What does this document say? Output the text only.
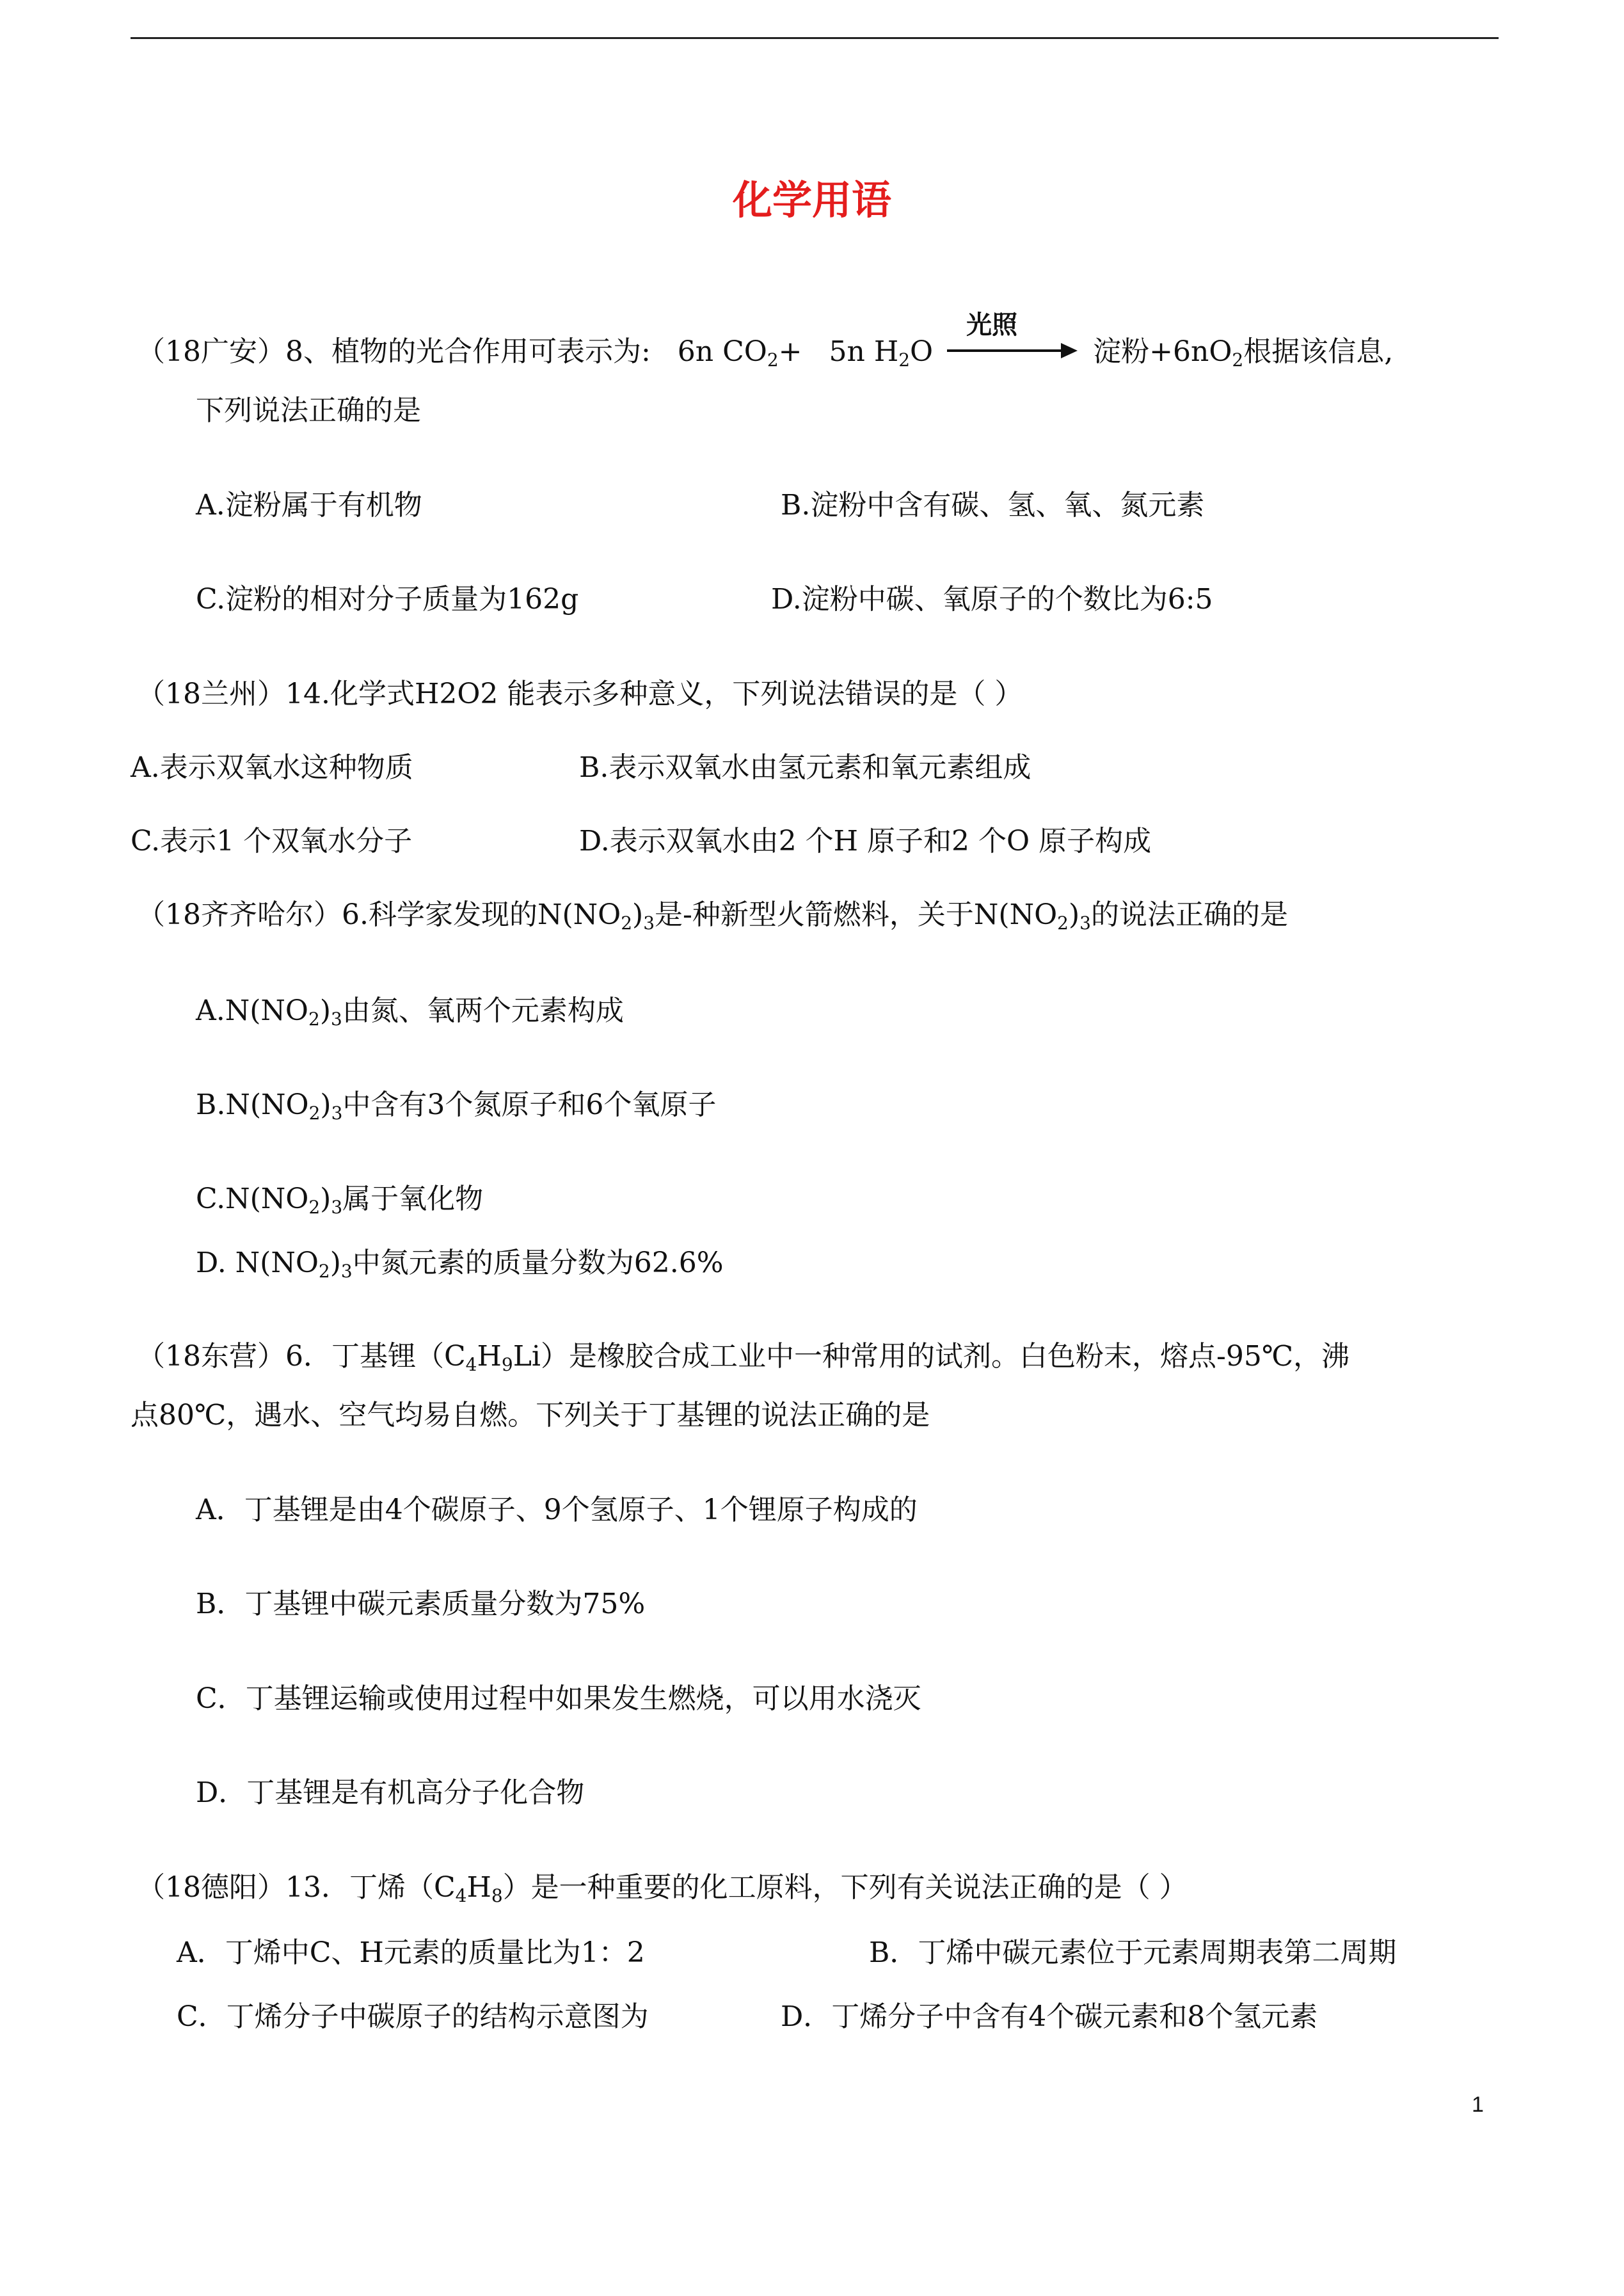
化学用语
（18广安）8、植物的光合作用可表示为: 6n $CO_2+ 5n$ $H_2O$
光照
淀粉$+6nO_2$根据该信息,
下列说法正确的是
A.淀粉属于有机物	B.淀粉中含有碳、氢、氧、氮元素
C.淀粉的相对分子质量为162g	D.淀粉中碳、氧原子的个数比为6:5
（18兰州）14.化学式H2O2 能表示多种意义，下列说法错误的是（ ）
A.表示双氧水这种物质	B.表示双氧水由氢元素和氧元素组成
C.表示1 个双氧水分子	D.表示双氧水由2 个H 原子和2 个O 原子构成
（18齐齐哈尔）6.科学家发现的$N(NO_2)_3$是-种新型火箭燃料，关于$N(NO_2)_3$的说法正确的是
$A.N(NO_2)_3$由氮、氧两个元素构成
$B.N(NO_2)_3$中含有3个氮原子和6个氧原子
$C.N(NO_2)_3$属于氧化物
D. $N(NO_2)_3$中氮元素的质量分数为62.6%
（18东营）6．丁基锂$(C_4H_9Li)$是橡胶合成工业中一种常用的试剂。白色粉末，熔点-95℃，沸
点80℃，遇水、空气均易自燃。下列关于丁基锂的说法正确的是
A．丁基锂是由4个碳原子、9个氢原子、1个锂原子构成的
B．丁基锂中碳元素质量分数为75%
C．丁基锂运输或使用过程中如果发生燃烧，可以用水浇灭
D．丁基锂是有机高分子化合物
（18德阳）13．丁烯$(C_4H_8)$是一种重要的化工原料，下列有关说法正确的是（ ）
A．丁烯中C、H元素的质量比为1：2	B．丁烯中碳元素位于元素周期表第二周期
C．丁烯分子中碳原子的结构示意图为	D．丁烯分子中含有4个碳元素和8个氢元素
1
